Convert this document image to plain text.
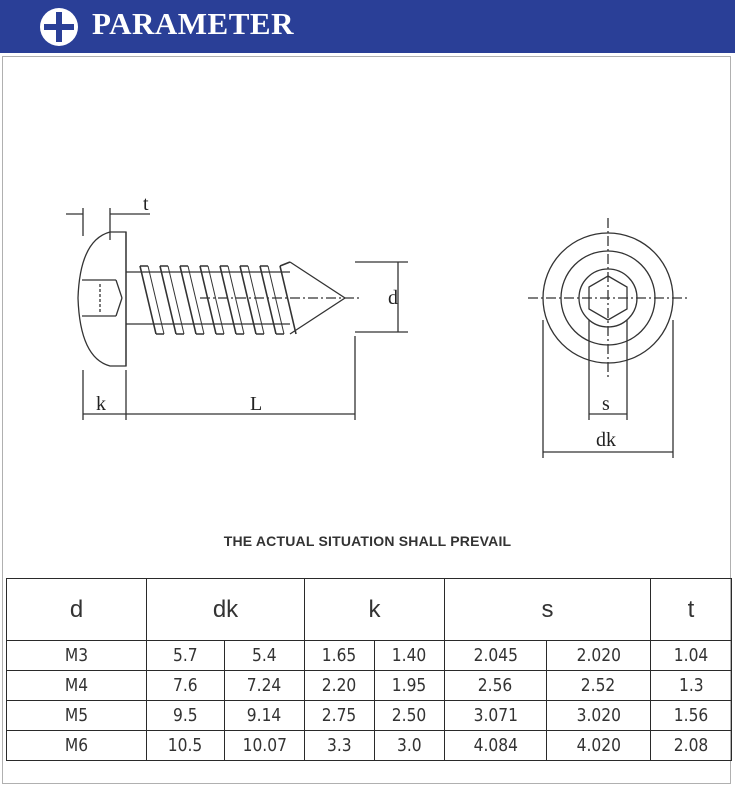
PARAMETER
t
d
k	L	s
dk
THE ACTUAL SITUATION SHALL PREVAIL
d	dk		k		s		t
M3	5.7	5.4	1.65	1.40	2.045	2.020	1.04
M4	7.6	7.24	2.20	1.95	2.56	2.52	1.3
M5	9.5	9.14	2.75	2.50	3.071	3.020	1.56
M6	10.5	10.07	3.3	3.0	4.084	4.020	2.08
